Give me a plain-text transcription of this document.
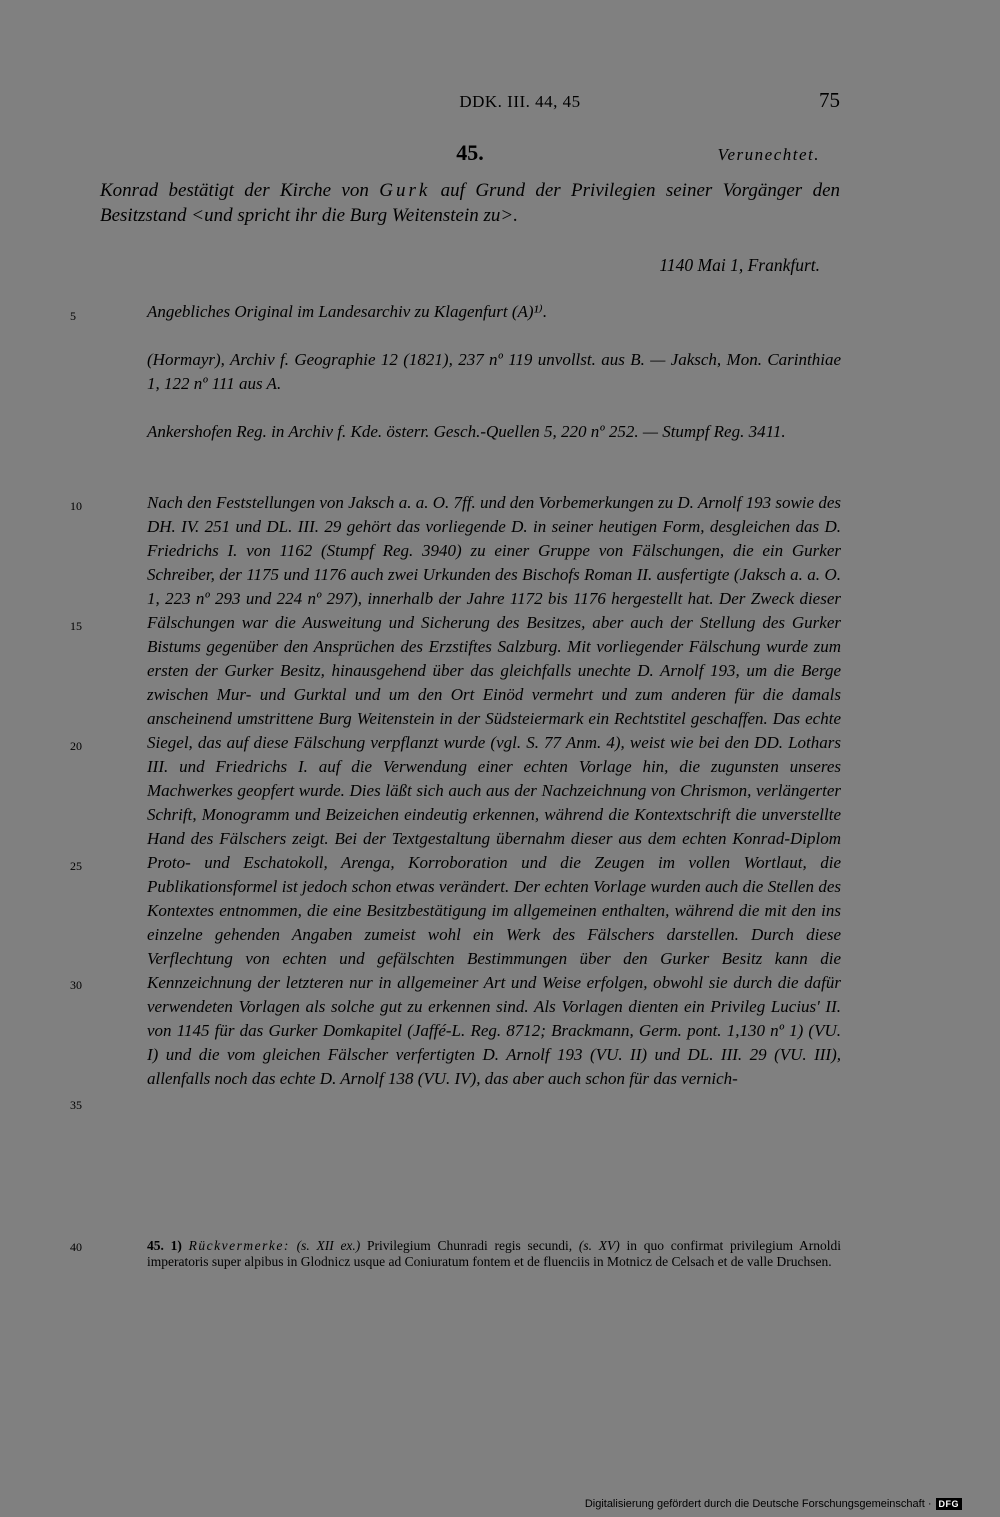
DDK. III. 44, 45	75
45.	Verunechtet.
Konrad bestätigt der Kirche von Gurk auf Grund der Privilegien seiner Vorgänger den Besitzstand <und spricht ihr die Burg Weitenstein zu>.
1140 Mai 1, Frankfurt.
5
10
15
20
25
30
35
40

Angebliches Original im Landesarchiv zu Klagenfurt (A)¹⁾.

(Hormayr), Archiv f. Geographie 12 (1821), 237 nº 119 unvollst. aus B. — Jaksch, Mon. Carinthiae 1, 122 nº 111 aus A.

Ankershofen Reg. in Archiv f. Kde. österr. Gesch.-Quellen 5, 220 nº 252. — Stumpf Reg. 3411.

Nach den Feststellungen von Jaksch a. a. O. 7ff. und den Vorbemerkungen zu D. Arnolf 193 sowie des DH. IV. 251 und DL. III. 29 gehört das vorliegende D. in seiner heutigen Form, desgleichen das D. Friedrichs I. von 1162 (Stumpf Reg. 3940) zu einer Gruppe von Fälschungen, die ein Gurker Schreiber, der 1175 und 1176 auch zwei Urkunden des Bischofs Roman II. ausfertigte (Jaksch a. a. O. 1, 223 nº 293 und 224 nº 297), innerhalb der Jahre 1172 bis 1176 hergestellt hat. Der Zweck dieser Fälschungen war die Ausweitung und Sicherung des Besitzes, aber auch der Stellung des Gurker Bistums gegenüber den Ansprüchen des Erzstiftes Salzburg. Mit vorliegender Fälschung wurde zum ersten der Gurker Besitz, hinausgehend über das gleichfalls unechte D. Arnolf 193, um die Berge zwischen Mur- und Gurktal und um den Ort Einöd vermehrt und zum anderen für die damals anscheinend umstrittene Burg Weitenstein in der Südsteiermark ein Rechtstitel geschaffen. Das echte Siegel, das auf diese Fälschung verpflanzt wurde (vgl. S. 77 Anm. 4), weist wie bei den DD. Lothars III. und Friedrichs I. auf die Verwendung einer echten Vorlage hin, die zugunsten unseres Machwerkes geopfert wurde. Dies läßt sich auch aus der Nachzeichnung von Chrismon, verlängerter Schrift, Monogramm und Beizeichen eindeutig erkennen, während die Kontextschrift die unverstellte Hand des Fälschers zeigt. Bei der Textgestaltung übernahm dieser aus dem echten Konrad-Diplom Proto- und Eschatokoll, Arenga, Korroboration und die Zeugen im vollen Wortlaut, die Publikationsformel ist jedoch schon etwas verändert. Der echten Vorlage wurden auch die Stellen des Kontextes entnommen, die eine Besitzbestätigung im allgemeinen enthalten, während die mit den ins einzelne gehenden Angaben zumeist wohl ein Werk des Fälschers darstellen. Durch diese Verflechtung von echten und gefälschten Bestimmungen über den Gurker Besitz kann die Kennzeichnung der letzteren nur in allgemeiner Art und Weise erfolgen, obwohl sie durch die dafür verwendeten Vorlagen als solche gut zu erkennen sind. Als Vorlagen dienten ein Privileg Lucius' II. von 1145 für das Gurker Domkapitel (Jaffé-L. Reg. 8712; Brackmann, Germ. pont. 1,130 nº 1) (VU. I) und die vom gleichen Fälscher verfertigten D. Arnolf 193 (VU. II) und DL. III. 29 (VU. III), allenfalls noch das echte D. Arnolf 138 (VU. IV), das aber auch schon für das vernich-

45. 1) Rückvermerke: (s. XII ex.) Privilegium Chunradi regis secundi, (s. XV) in quo confirmat privilegium Arnoldi imperatoris super alpibus in Glodnicz usque ad Coniuratum fontem et de fluenciis in Motnicz de Celsach et de valle Druchsen.
Digitalisierung gefördert durch die Deutsche Forschungsgemeinschaft · DFG
